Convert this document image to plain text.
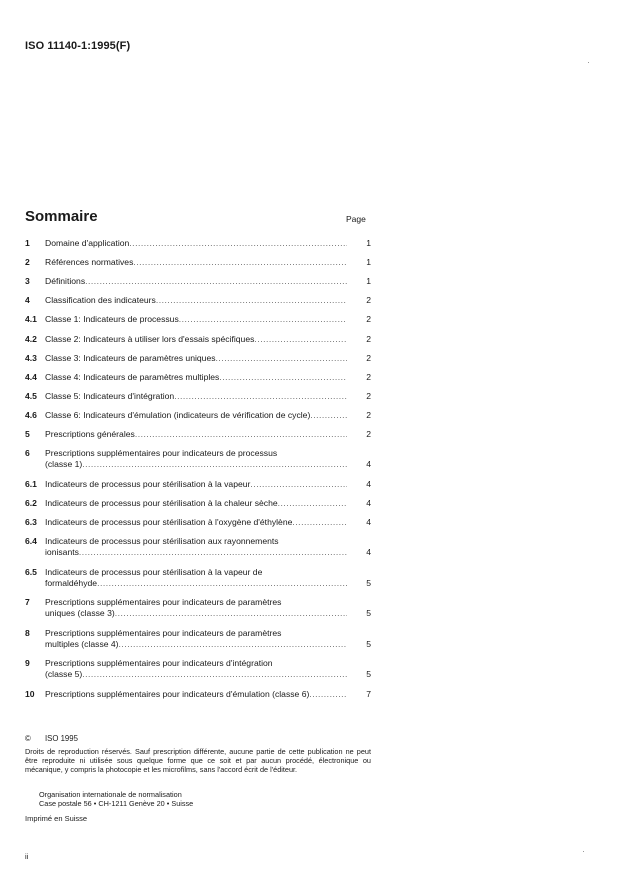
ISO 11140-1:1995(F)
Sommaire	Page
1	Domaine d'application .....	1
2	Références normatives .....	1
3	Définitions .....	1
4	Classification des indicateurs .....	2
4.1 Classe 1: Indicateurs de processus .....	2
4.2 Classe 2: Indicateurs à utiliser lors d'essais spécifiques .....	2
4.3 Classe 3: Indicateurs de paramètres uniques .....	2
4.4 Classe 4: Indicateurs de paramètres multiples .....	2
4.5 Classe 5: Indicateurs d'intégration .....	2
4.6 Classe 6: Indicateurs d'émulation (indicateurs de vérification de cycle) .....	2
5	Prescriptions générales .....	2
6	Prescriptions supplémentaires pour indicateurs de processus
(classe 1) .....	4
6.1 Indicateurs de processus pour stérilisation à la vapeur .....	4
6.2 Indicateurs de processus pour stérilisation à la chaleur sèche .....	4
6.3 Indicateurs de processus pour stérilisation à l'oxygène d'éthylène .....	4
6.4 Indicateurs de processus pour stérilisation aux rayonnements
ionisants .....	4
6.5 Indicateurs de processus pour stérilisation à la vapeur de
formaldéhyde .....	5
7	Prescriptions supplémentaires pour indicateurs de paramètres
uniques (classe 3) .....	5
8	Prescriptions supplémentaires pour indicateurs de paramètres
multiples (classe 4) .....	5
9	Prescriptions supplémentaires pour indicateurs d'intégration
(classe 5) .....	5
10	Prescriptions supplémentaires pour indicateurs d'émulation (classe 6) .....	7
© ISO 1995
Droits de reproduction réservés. Sauf prescription différente, aucune partie de cette publication ne peut être reproduite ni utilisée sous quelque forme que ce soit et par aucun procédé, électronique ou mécanique, y compris la photocopie et les microfilms, sans l'accord écrit de l'éditeur.
Organisation internationale de normalisation
Case postale 56 • CH-1211 Genève 20 • Suisse
Imprimé en Suisse
ii
